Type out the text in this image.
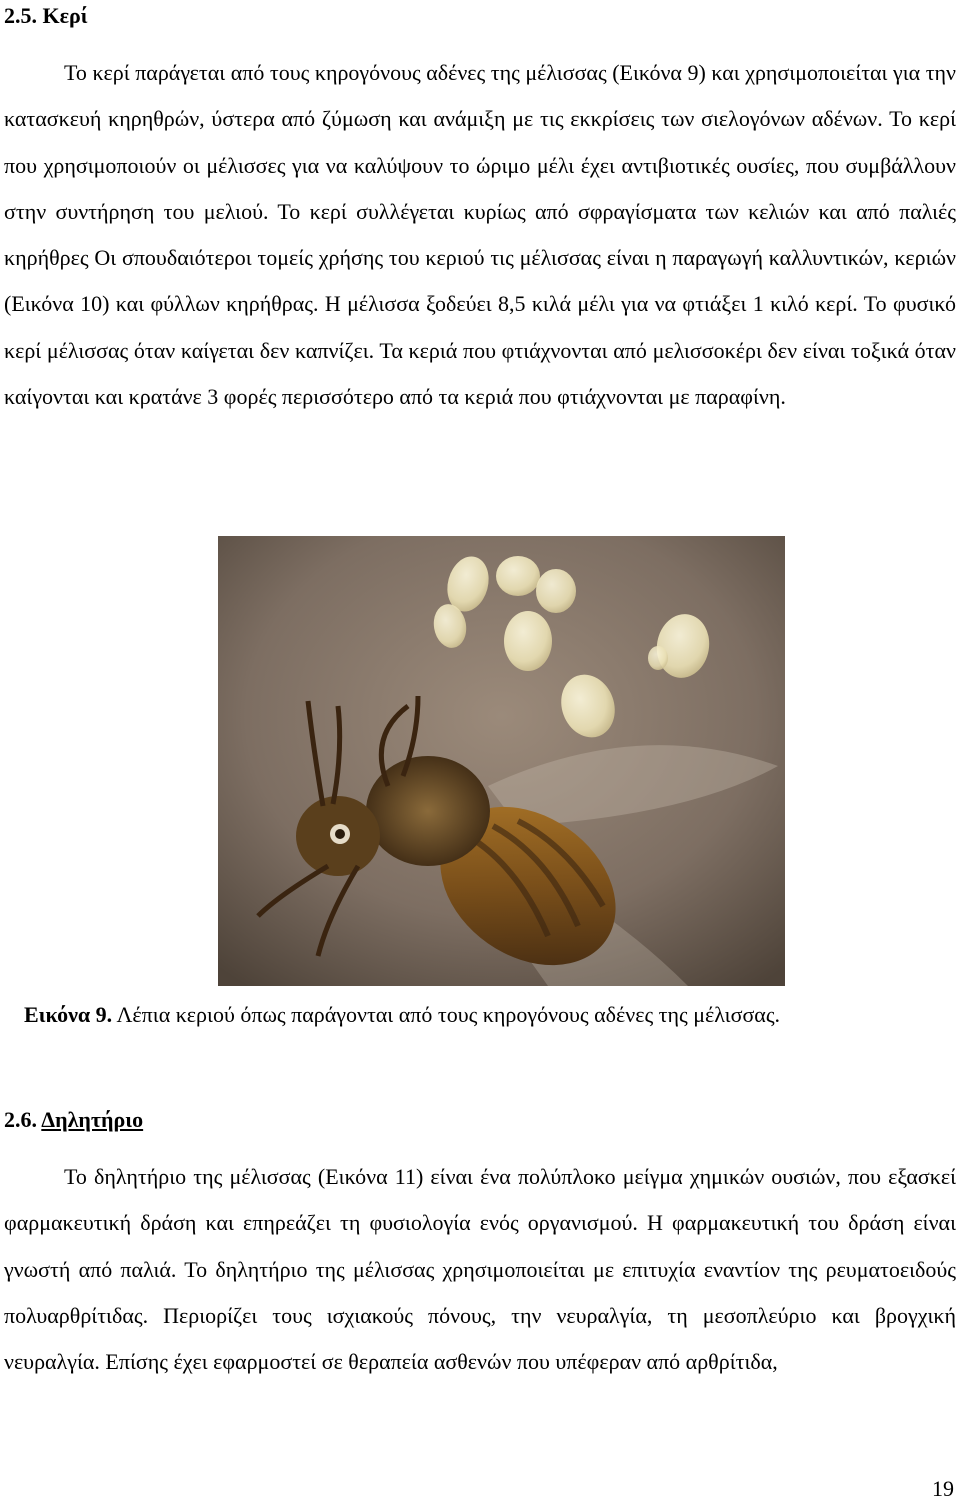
2.5. Κερί

Το κερί παράγεται από τους κηρογόνους αδένες της μέλισσας (Εικόνα 9) και χρησιμοποιείται για την κατασκευή κηρηθρών, ύστερα από ζύμωση και ανάμιξη με τις εκκρίσεις των σιελογόνων αδένων. Το κερί που χρησιμοποιούν οι μέλισσες για να καλύψουν το ώριμο μέλι έχει αντιβιοτικές ουσίες, που συμβάλλουν στην συντήρηση του μελιού. Το κερί συλλέγεται κυρίως από σφραγίσματα των κελιών και από παλιές κηρήθρες Οι σπουδαιότεροι τομείς χρήσης του κεριού τις μέλισσας είναι η παραγωγή καλλυντικών, κεριών (Εικόνα 10) και φύλλων κηρήθρας. Η μέλισσα ξοδεύει 8,5 κιλά μέλι για να φτιάξει 1 κιλό κερί. Το φυσικό κερί μέλισσας όταν καίγεται δεν καπνίζει. Τα κεριά που φτιάχνονται από μελισσοκέρι δεν είναι τοξικά όταν καίγονται και κρατάνε 3 φορές περισσότερο από τα κεριά που φτιάχνονται με παραφίνη.

Εικόνα 9. Λέπια κεριού όπως παράγονται από τους κηρογόνους αδένες της μέλισσας.

2.6. Δηλητήριο

Το δηλητήριο της μέλισσας (Εικόνα 11) είναι ένα πολύπλοκο μείγμα χημικών ουσιών, που εξασκεί φαρμακευτική δράση και επηρεάζει τη φυσιολογία ενός οργανισμού. Η φαρμακευτική του δράση είναι γνωστή από παλιά. Το δηλητήριο της μέλισσας χρησιμοποιείται με επιτυχία εναντίον της ρευματοειδούς πολυαρθρίτιδας. Περιορίζει τους ισχιακούς πόνους, την νευραλγία, τη μεσοπλεύριο και βρογχική νευραλγία. Επίσης έχει εφαρμοστεί σε θεραπεία ασθενών που υπέφεραν από αρθρίτιδα,

19
